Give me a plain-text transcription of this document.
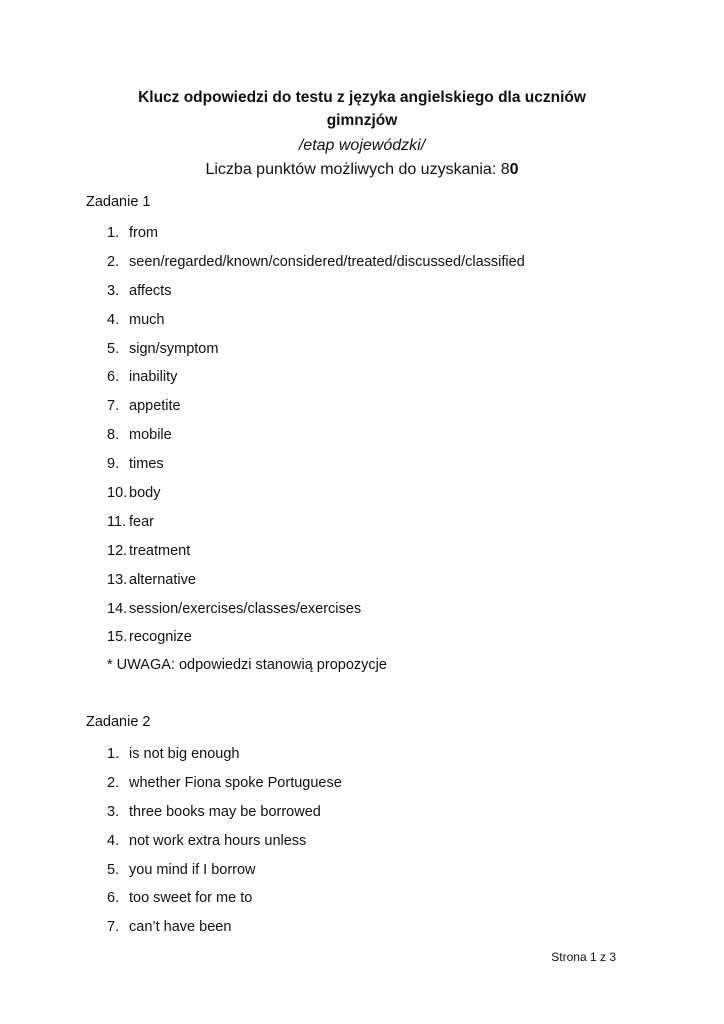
Klucz odpowiedzi do testu z języka angielskiego dla uczniów
gimnzjów
/etap wojewódzki/
Liczba punktów możliwych do uzyskania: 80
Zadanie 1
1. from
2. seen/regarded/known/considered/treated/discussed/classified
3. affects
4. much
5. sign/symptom
6. inability
7. appetite
8. mobile
9. times
10. body
11. fear
12. treatment
13. alternative
14. session/exercises/classes/exercises
15. recognize
* UWAGA: odpowiedzi stanowią propozycje
Zadanie 2
1. is not big enough
2. whether Fiona spoke Portuguese
3. three books may be borrowed
4. not work extra hours unless
5. you mind if I borrow
6. too sweet for me to
7. can’t have been
Strona 1 z 3
